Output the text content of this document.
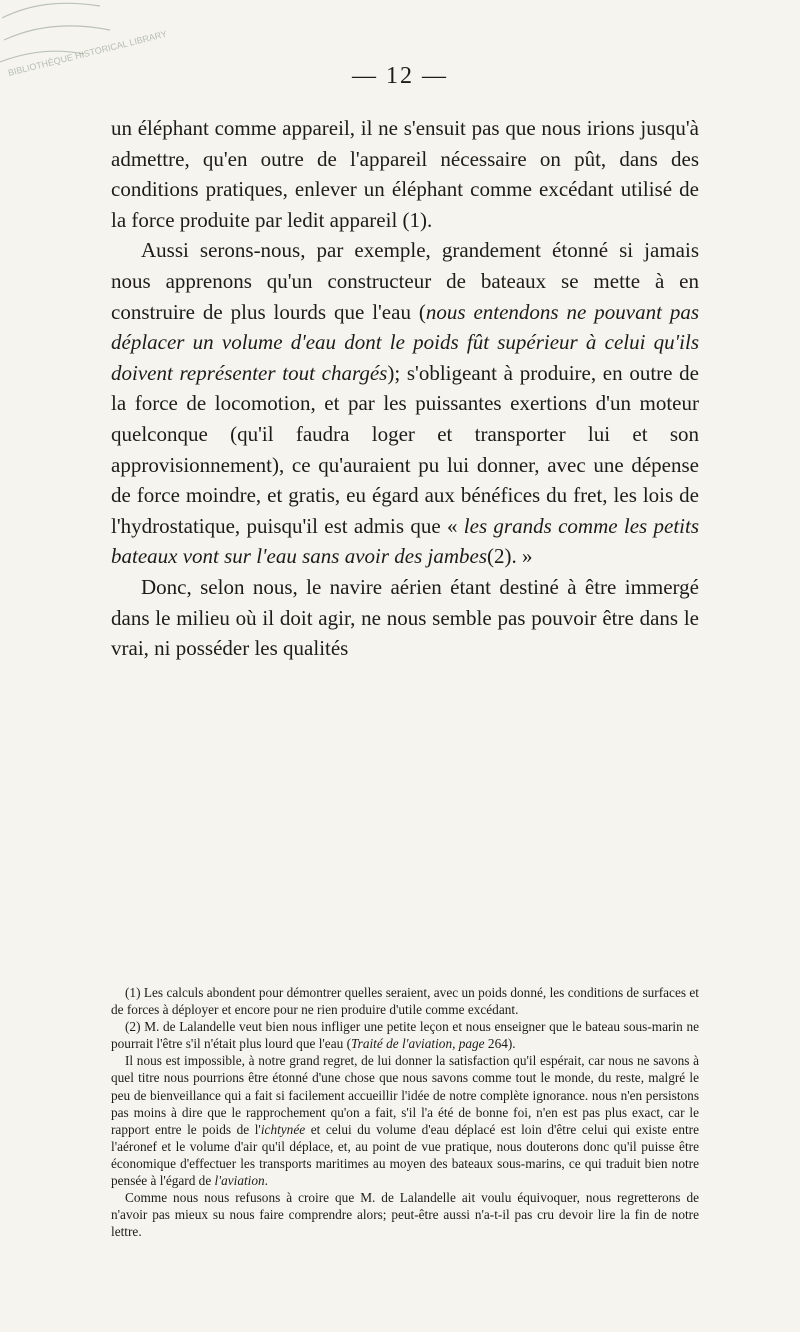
BIBLIOTHÈQUE HISTORICAL LIBRARY	— 12 —

un éléphant comme appareil, il ne s'ensuit pas que nous irions jusqu'à admettre, qu'en outre de l'appareil nécessaire on pût, dans des conditions pratiques, enlever un éléphant comme excédant utilisé de la force produite par ledit appareil (1).

Aussi serons-nous, par exemple, grandement étonné si jamais nous apprenons qu'un constructeur de bateaux se mette à en construire de plus lourds que l'eau (nous entendons ne pouvant pas déplacer un volume d'eau dont le poids fût supérieur à celui qu'ils doivent représenter tout chargés); s'obligeant à produire, en outre de la force de locomotion, et par les puissantes exertions d'un moteur quelconque (qu'il faudra loger et transporter lui et son approvisionnement), ce qu'auraient pu lui donner, avec une dépense de force moindre, et gratis, eu égard aux bénéfices du fret, les lois de l'hydrostatique, puisqu'il est admis que « les grands comme les petits bateaux vont sur l'eau sans avoir des jambes(2). »

Donc, selon nous, le navire aérien étant destiné à être immergé dans le milieu où il doit agir, ne nous semble pas pouvoir être dans le vrai, ni posséder les qualités

(1) Les calculs abondent pour démontrer quelles seraient, avec un poids donné, les conditions de surfaces et de forces à déployer et encore pour ne rien produire d'utile comme excédant.

(2) M. de Lalandelle veut bien nous infliger une petite leçon et nous enseigner que le bateau sous-marin ne pourrait l'être s'il n'était plus lourd que l'eau (Traité de l'aviation, page 264).

Il nous est impossible, à notre grand regret, de lui donner la satisfaction qu'il espérait, car nous ne savons à quel titre nous pourrions être étonné d'une chose que nous savons comme tout le monde, du reste, malgré le peu de bienveillance qui a fait si facilement accueillir l'idée de notre complète ignorance. nous n'en persistons pas moins à dire que le rapprochement qu'on a fait, s'il l'a été de bonne foi, n'en est pas plus exact, car le rapport entre le poids de l'ichtynée et celui du volume d'eau déplacé est loin d'être celui qui existe entre l'aéronef et le volume d'air qu'il déplace, et, au point de vue pratique, nous douterons donc qu'il puisse être économique d'effectuer les transports maritimes au moyen des bateaux sous-marins, ce qui traduit bien notre pensée à l'égard de l'aviation.

Comme nous nous refusons à croire que M. de Lalandelle ait voulu équivoquer, nous regretterons de n'avoir pas mieux su nous faire comprendre alors; peut-être aussi n'a-t-il pas cru devoir lire la fin de notre lettre.
